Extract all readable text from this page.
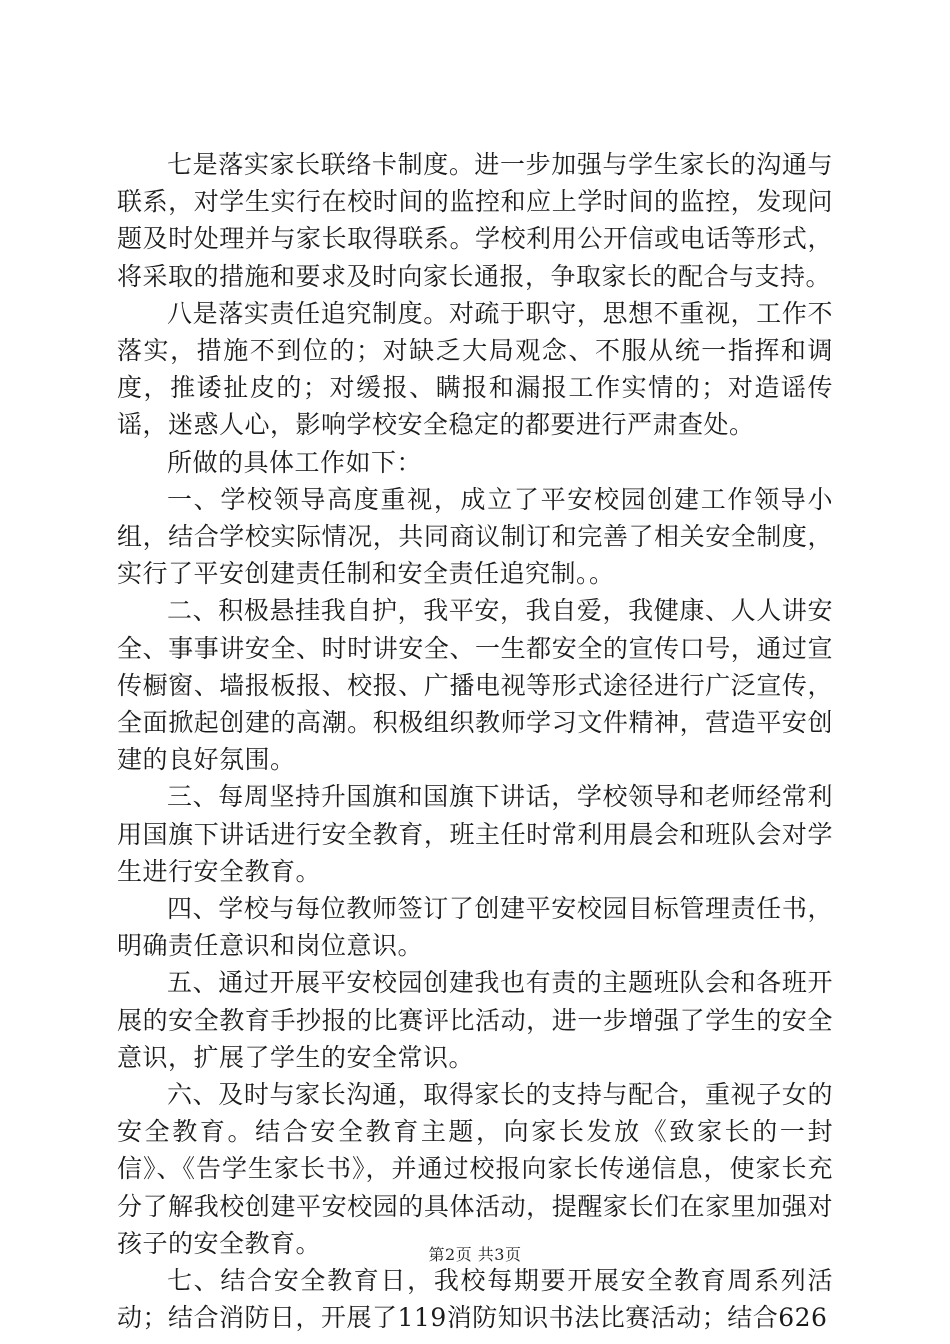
七是落实家长联络卡制度。进一步加强与学生家长的沟通与联系，对学生实行在校时间的监控和应上学时间的监控，发现问题及时处理并与家长取得联系。学校利用公开信或电话等形式，将采取的措施和要求及时向家长通报，争取家长的配合与支持。

八是落实责任追究制度。对疏于职守，思想不重视，工作不落实，措施不到位的；对缺乏大局观念、不服从统一指挥和调度，推诿扯皮的；对缓报、瞒报和漏报工作实情的；对造谣传谣，迷惑人心，影响学校安全稳定的都要进行严肃查处。

所做的具体工作如下：

一、学校领导高度重视，成立了平安校园创建工作领导小组，结合学校实际情况，共同商议制订和完善了相关安全制度，实行了平安创建责任制和安全责任追究制。。

二、积极悬挂我自护，我平安，我自爱，我健康、人人讲安全、事事讲安全、时时讲安全、一生都安全的宣传口号，通过宣传橱窗、墙报板报、校报、广播电视等形式途径进行广泛宣传，全面掀起创建的高潮。积极组织教师学习文件精神，营造平安创建的良好氛围。

三、每周坚持升国旗和国旗下讲话，学校领导和老师经常利用国旗下讲话进行安全教育，班主任时常利用晨会和班队会对学生进行安全教育。

四、学校与每位教师签订了创建平安校园目标管理责任书，明确责任意识和岗位意识。

五、通过开展平安校园创建我也有责的主题班队会和各班开展的安全教育手抄报的比赛评比活动，进一步增强了学生的安全意识，扩展了学生的安全常识。

六、及时与家长沟通，取得家长的支持与配合，重视子女的安全教育。结合安全教育主题，向家长发放《致家长的一封信》、《告学生家长书》，并通过校报向家长传递信息，使家长充分了解我校创建平安校园的具体活动，提醒家长们在家里加强对孩子的安全教育。

七、结合安全教育日，我校每期要开展安全教育周系列活动；结合消防日，开展了119消防知识书法比赛活动；结合626

第2页 共3页
